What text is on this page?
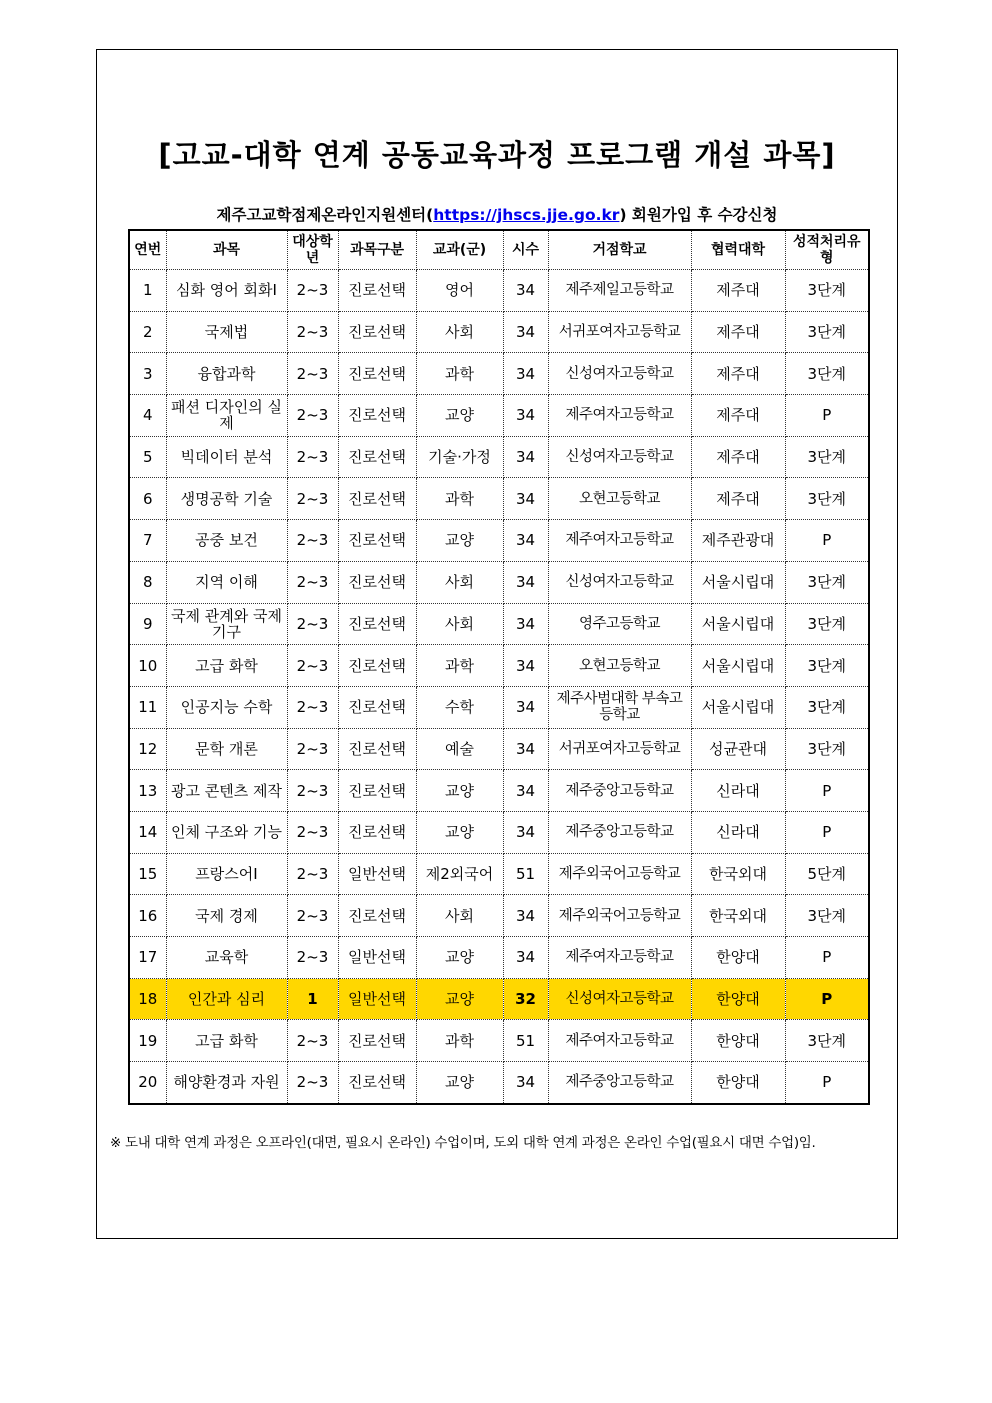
[고교-대학 연계 공동교육과정 프로그램 개설 과목]

제주고교학점제온라인지원센터(https://jhscs.jje.go.kr) 회원가입 후 수강신청

연번	과목	대상학년	과목구분	교과(군)	시수	거점학교	협력대학	성적처리유형
1	심화 영어 회화Ⅰ	2~3	진로선택	영어	34	제주제일고등학교	제주대	3단계
2	국제법	2~3	진로선택	사회	34	서귀포여자고등학교	제주대	3단계
3	융합과학	2~3	진로선택	과학	34	신성여자고등학교	제주대	3단계
4	패션 디자인의 실제	2~3	진로선택	교양	34	제주여자고등학교	제주대	P
5	빅데이터 분석	2~3	진로선택	기술·가정	34	신성여자고등학교	제주대	3단계
6	생명공학 기술	2~3	진로선택	과학	34	오현고등학교	제주대	3단계
7	공중 보건	2~3	진로선택	교양	34	제주여자고등학교	제주관광대	P
8	지역 이해	2~3	진로선택	사회	34	신성여자고등학교	서울시립대	3단계
9	국제 관계와 국제기구	2~3	진로선택	사회	34	영주고등학교	서울시립대	3단계
10	고급 화학	2~3	진로선택	과학	34	오현고등학교	서울시립대	3단계
11	인공지능 수학	2~3	진로선택	수학	34	제주사범대학 부속고등학교	서울시립대	3단계
12	문학 개론	2~3	진로선택	예술	34	서귀포여자고등학교	성균관대	3단계
13	광고 콘텐츠 제작	2~3	진로선택	교양	34	제주중앙고등학교	신라대	P
14	인체 구조와 기능	2~3	진로선택	교양	34	제주중앙고등학교	신라대	P
15	프랑스어Ⅰ	2~3	일반선택	제2외국어	51	제주외국어고등학교	한국외대	5단계
16	국제 경제	2~3	진로선택	사회	34	제주외국어고등학교	한국외대	3단계
17	교육학	2~3	일반선택	교양	34	제주여자고등학교	한양대	P
18	인간과 심리	1	일반선택	교양	32	신성여자고등학교	한양대	P
19	고급 화학	2~3	진로선택	과학	51	제주여자고등학교	한양대	3단계
20	해양환경과 자원	2~3	진로선택	교양	34	제주중앙고등학교	한양대	P

※ 도내 대학 연계 과정은 오프라인(대면, 필요시 온라인) 수업이며, 도외 대학 연계 과정은 온라인 수업(필요시 대면 수업)임.
